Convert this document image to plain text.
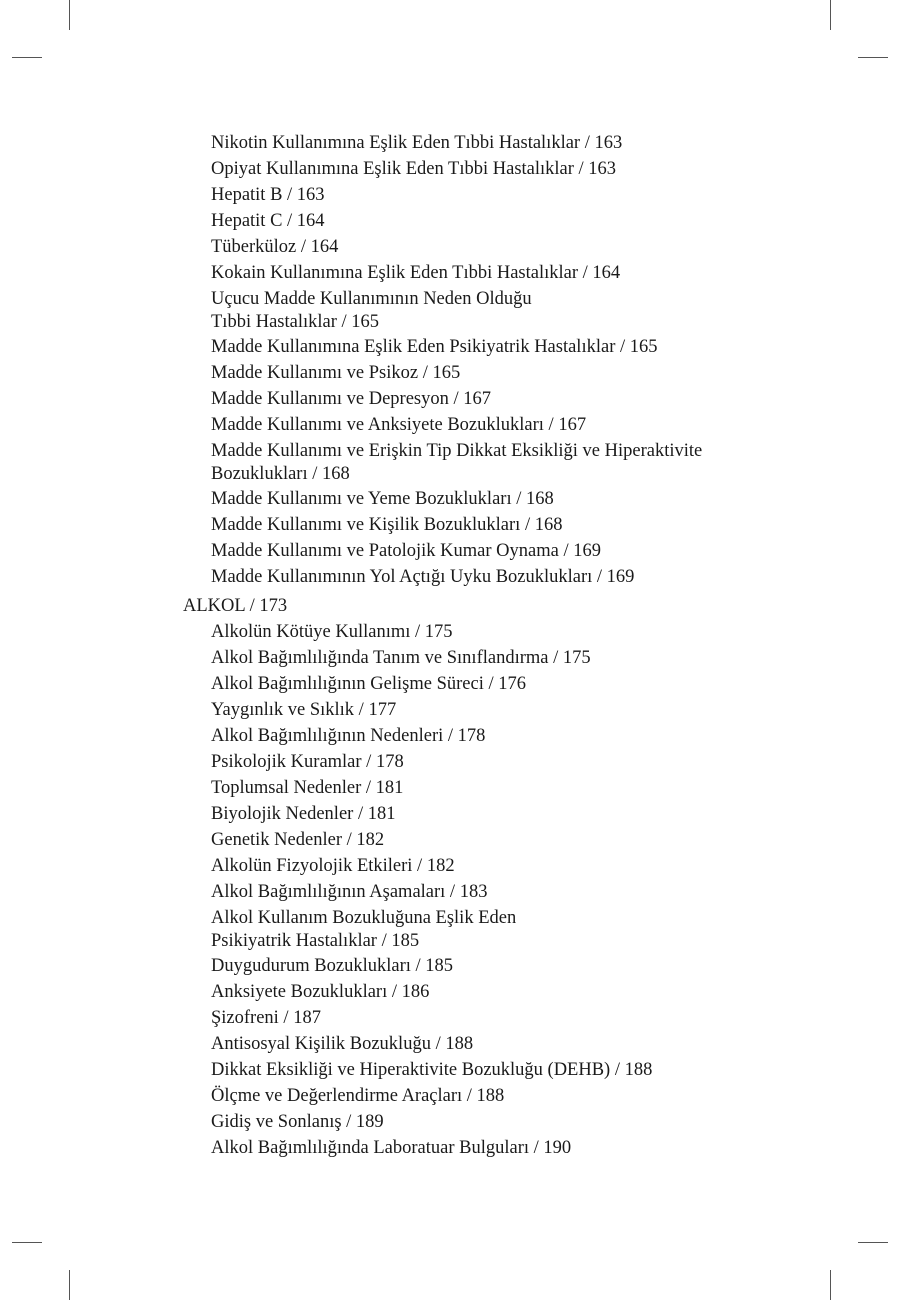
Nikotin Kullanımına Eşlik Eden Tıbbi Hastalıklar / 163
Opiyat Kullanımına Eşlik Eden Tıbbi Hastalıklar / 163
Hepatit B / 163
Hepatit C / 164
Tüberküloz / 164
Kokain Kullanımına Eşlik Eden Tıbbi Hastalıklar / 164
Uçucu Madde Kullanımının Neden Olduğu
Tıbbi Hastalıklar / 165
Madde Kullanımına Eşlik Eden Psikiyatrik Hastalıklar / 165
Madde Kullanımı ve Psikoz / 165
Madde Kullanımı ve Depresyon / 167
Madde Kullanımı ve Anksiyete Bozuklukları / 167
Madde Kullanımı ve Erişkin Tip Dikkat Eksikliği ve Hiperaktivite
Bozuklukları / 168
Madde Kullanımı ve Yeme Bozuklukları / 168
Madde Kullanımı ve Kişilik Bozuklukları / 168
Madde Kullanımı ve Patolojik Kumar Oynama / 169
Madde Kullanımının Yol Açtığı Uyku Bozuklukları / 169
ALKOL / 173
Alkolün Kötüye Kullanımı / 175
Alkol Bağımlılığında Tanım ve Sınıflandırma / 175
Alkol Bağımlılığının Gelişme Süreci / 176
Yaygınlık ve Sıklık / 177
Alkol Bağımlılığının Nedenleri / 178
Psikolojik Kuramlar / 178
Toplumsal Nedenler / 181
Biyolojik Nedenler / 181
Genetik Nedenler / 182
Alkolün Fizyolojik Etkileri / 182
Alkol Bağımlılığının Aşamaları / 183
Alkol Kullanım Bozukluğuna Eşlik Eden
Psikiyatrik Hastalıklar / 185
Duygudurum Bozuklukları / 185
Anksiyete Bozuklukları / 186
Şizofreni / 187
Antisosyal Kişilik Bozukluğu / 188
Dikkat Eksikliği ve Hiperaktivite Bozukluğu (DEHB) / 188
Ölçme ve Değerlendirme Araçları / 188
Gidiş ve Sonlanış / 189
Alkol Bağımlılığında Laboratuar Bulguları / 190
